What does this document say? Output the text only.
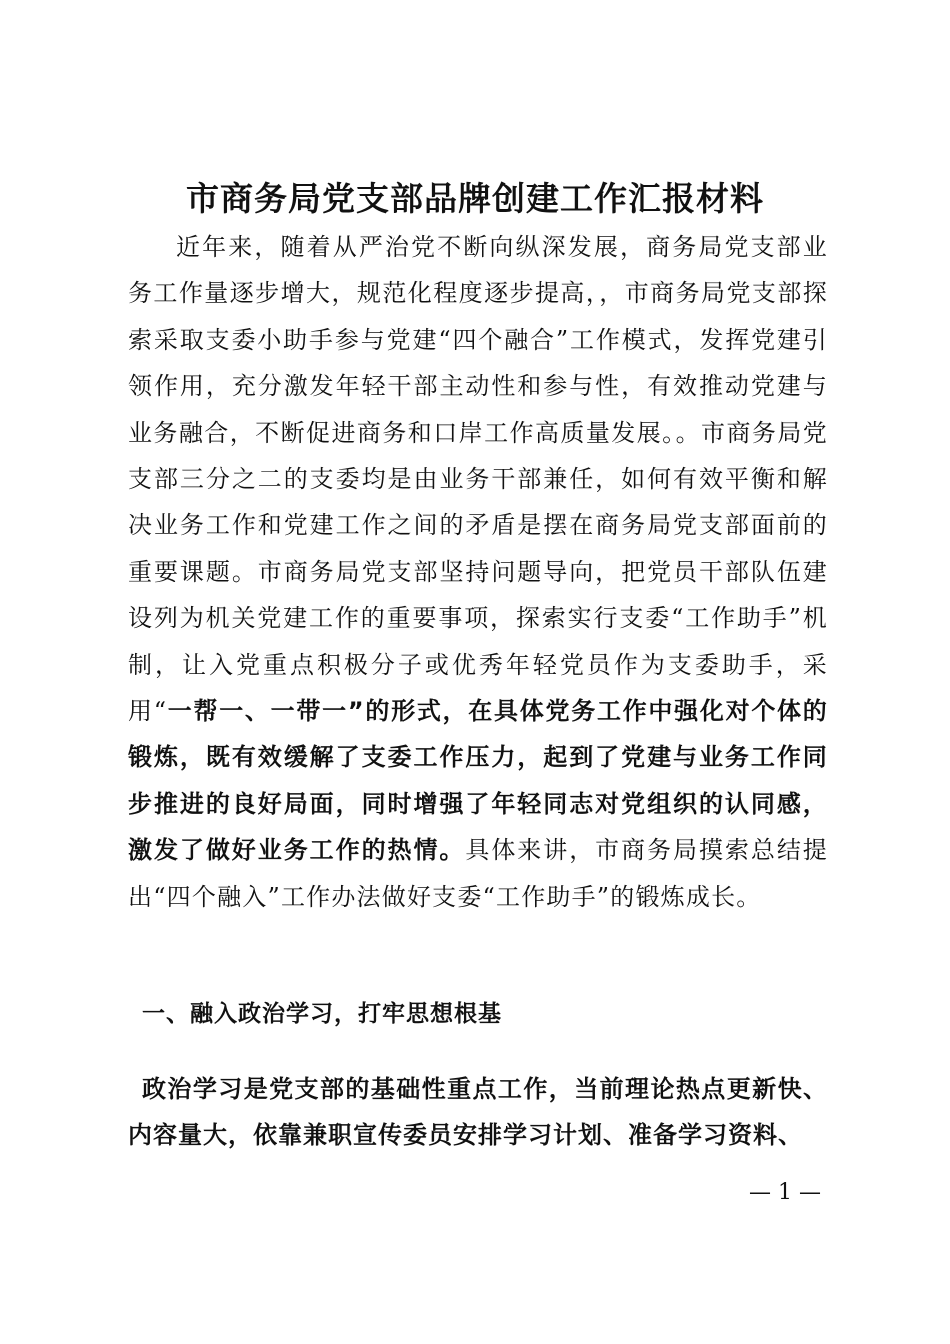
市商务局党支部品牌创建工作汇报材料

近年来，随着从严治党不断向纵深发展，商务局党支部业务工作量逐步增大，规范化程度逐步提高，，市商务局党支部探索采取支委小助手参与党建“四个融合”工作模式，发挥党建引领作用，充分激发年轻干部主动性和参与性，有效推动党建与业务融合，不断促进商务和口岸工作高质量发展。。市商务局党支部三分之二的支委均是由业务干部兼任，如何有效平衡和解决业务工作和党建工作之间的矛盾是摆在商务局党支部面前的重要课题。市商务局党支部坚持问题导向，把党员干部队伍建设列为机关党建工作的重要事项，探索实行支委“工作助手”机制，让入党重点积极分子或优秀年轻党员作为支委助手，采用“一帮一、一带一”的形式，在具体党务工作中强化对个体的锻炼，既有效缓解了支委工作压力，起到了党建与业务工作同步推进的良好局面，同时增强了年轻同志对党组织的认同感，激发了做好业务工作的热情。具体来讲，市商务局摸索总结提出“四个融入”工作办法做好支委“工作助手”的锻炼成长。

一、融入政治学习，打牢思想根基

政治学习是党支部的基础性重点工作，当前理论热点更新快、内容量大，依靠兼职宣传委员安排学习计划、准备学习资料、

— 1 —
